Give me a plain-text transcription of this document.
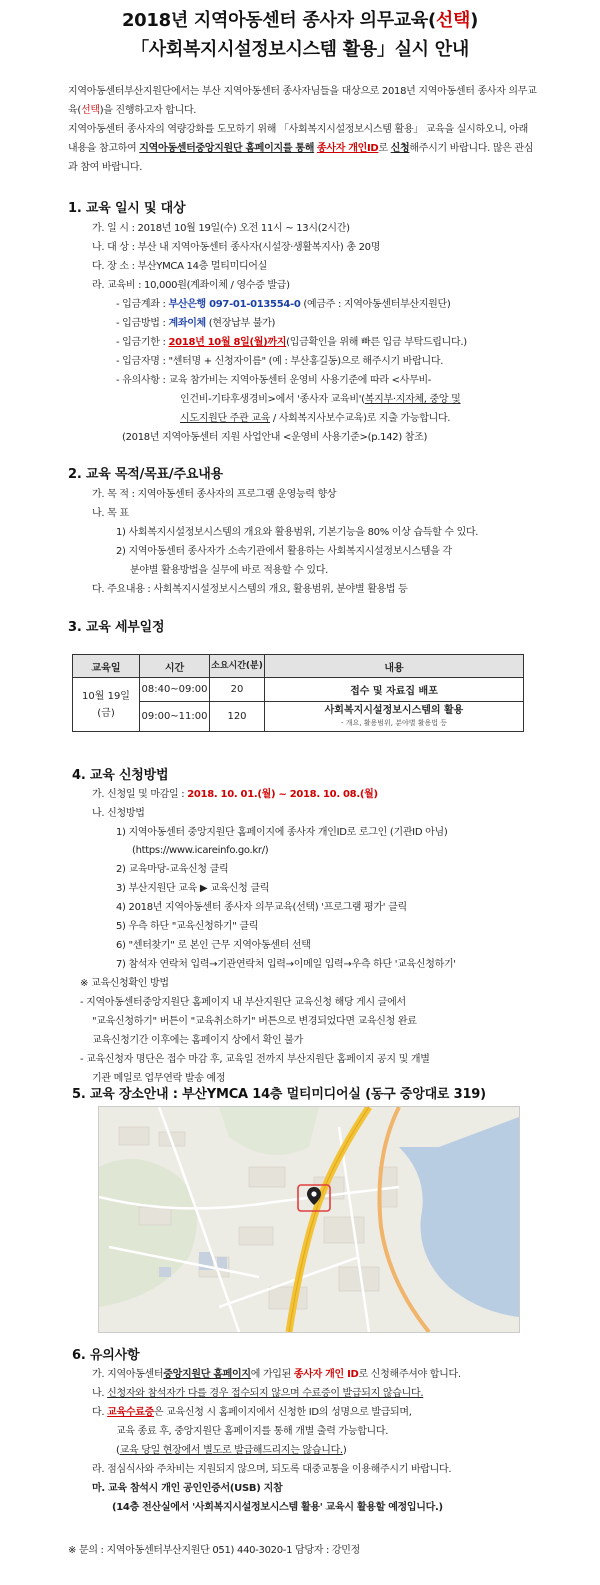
2018년 지역아동센터 종사자 의무교육(선택)
「사회복지시설정보시스템 활용」실시 안내
지역아동센터부산지원단에서는 부산 지역아동센터 종사자님들을 대상으로 2018년 지역아동센터 종사자 의무교육(선택)을 진행하고자 합니다.
지역아동센터 종사자의 역량강화를 도모하기 위해 「사회복지시설정보시스템 활용」 교육을 실시하오니, 아래 내용을 참고하여 지역아동센터중앙지원단 홈페이지를 통해 종사자 개인ID로 신청해주시기 바랍니다. 많은 관심과 참여 바랍니다.
1. 교육 일시 및 대상
가. 일 시 : 2018년 10월 19일(수) 오전 11시 ~ 13시(2시간)
나. 대 상 : 부산 내 지역아동센터 종사자(시설장·생활복지사) 총 20명
다. 장 소 : 부산YMCA 14층 멀티미디어실
라. 교육비 : 10,000원(계좌이체 / 영수증 발급)
- 입금계좌 : 부산은행 097-01-013554-0 (예금주 : 지역아동센터부산지원단)
- 입금방법 : 계좌이체 (현장납부 불가)
- 입금기한 : 2018년 10월 8일(월)까지(입금확인을 위해 빠른 입금 부탁드립니다.)
- 입금자명 : "센터명 + 신청자이름" (예 : 부산홍길동)으로 해주시기 바랍니다.
- 유의사항 : 교육 참가비는 지역아동센터 운영비 사용기준에 따라 <사무비-
인건비-기타후생경비>에서 '종사자 교육비'(복지부·지자체, 중앙 및
시도지원단 주관 교육 / 사회복지사보수교육)로 지출 가능합니다.
(2018년 지역아동센터 지원 사업안내 <운영비 사용기준>(p.142) 참조)
2. 교육 목적/목표/주요내용
가. 목 적 : 지역아동센터 종사자의 프로그램 운영능력 향상
나. 목 표
1) 사회복지시설정보시스템의 개요와 활용범위, 기본기능을 80% 이상 습득할 수 있다.
2) 지역아동센터 종사자가 소속기관에서 활용하는 사회복지시설정보시스템을 각
분야별 활용방법을 실무에 바로 적용할 수 있다.
다. 주요내용 : 사회복지시설정보시스템의 개요, 활용범위, 분야별 활용법 등
3. 교육 세부일정
교육일	시간	소요시간(분)	내용

10월 19일
(금)	08:40~09:00	20	접수 및 자료집 배포
	09:00~11:00	120	사회복지시설정보시스템의 활용
- 개요, 활용범위, 분야별 활용법 등
4. 교육 신청방법
가. 신청일 및 마감일 : 2018. 10. 01.(월) ~ 2018. 10. 08.(월)
나. 신청방법
1) 지역아동센터 중앙지원단 홈페이지에 종사자 개인ID로 로그인 (기관ID 아님)
(https://www.icareinfo.go.kr/)
2) 교육마당-교육신청 클릭
3) 부산지원단 교육 ▶ 교육신청 클릭
4) 2018년 지역아동센터 종사자 의무교육(선택) '프로그램 평가' 클릭
5) 우측 하단 "교육신청하기" 클릭
6) "센터찾기" 로 본인 근무 지역아동센터 선택
7) 참석자 연락처 입력→기관연락처 입력→이메일 입력→우측 하단 '교육신청하기'
※ 교육신청확인 방법
- 지역아동센터중앙지원단 홈페이지 내 부산지원단 교육신청 해당 게시 글에서
"교육신청하기" 버튼이 "교육취소하기" 버튼으로 변경되었다면 교육신청 완료
교육신청기간 이후에는 홈페이지 상에서 확인 불가
- 교육신청자 명단은 접수 마감 후, 교육일 전까지 부산지원단 홈페이지 공지 및 개별
기관 메일로 업무연락 발송 예정
5. 교육 장소안내 : 부산YMCA 14층 멀티미디어실 (동구 중앙대로 319)
6. 유의사항
가. 지역아동센터중앙지원단 홈페이지에 가입된 종사자 개인 ID로 신청해주셔야 합니다.
나. 신청자와 참석자가 다를 경우 접수되지 않으며 수료증이 발급되지 않습니다.
다. 교육수료증은 교육신청 시 홈페이지에서 신청한 ID의 성명으로 발급되며,
교육 종료 후, 중앙지원단 홈페이지를 통해 개별 출력 가능합니다.
(교육 당일 현장에서 별도로 발급해드리지는 않습니다.)
라. 점심식사와 주차비는 지원되지 않으며, 되도록 대중교통을 이용해주시기 바랍니다.
마. 교육 참석시 개인 공인인증서(USB) 지참
(14층 전산실에서 '사회복지시설정보시스템 활용' 교육시 활용할 예정입니다.)
※ 문의 : 지역아동센터부산지원단 051) 440-3020-1 담당자 : 강민정
